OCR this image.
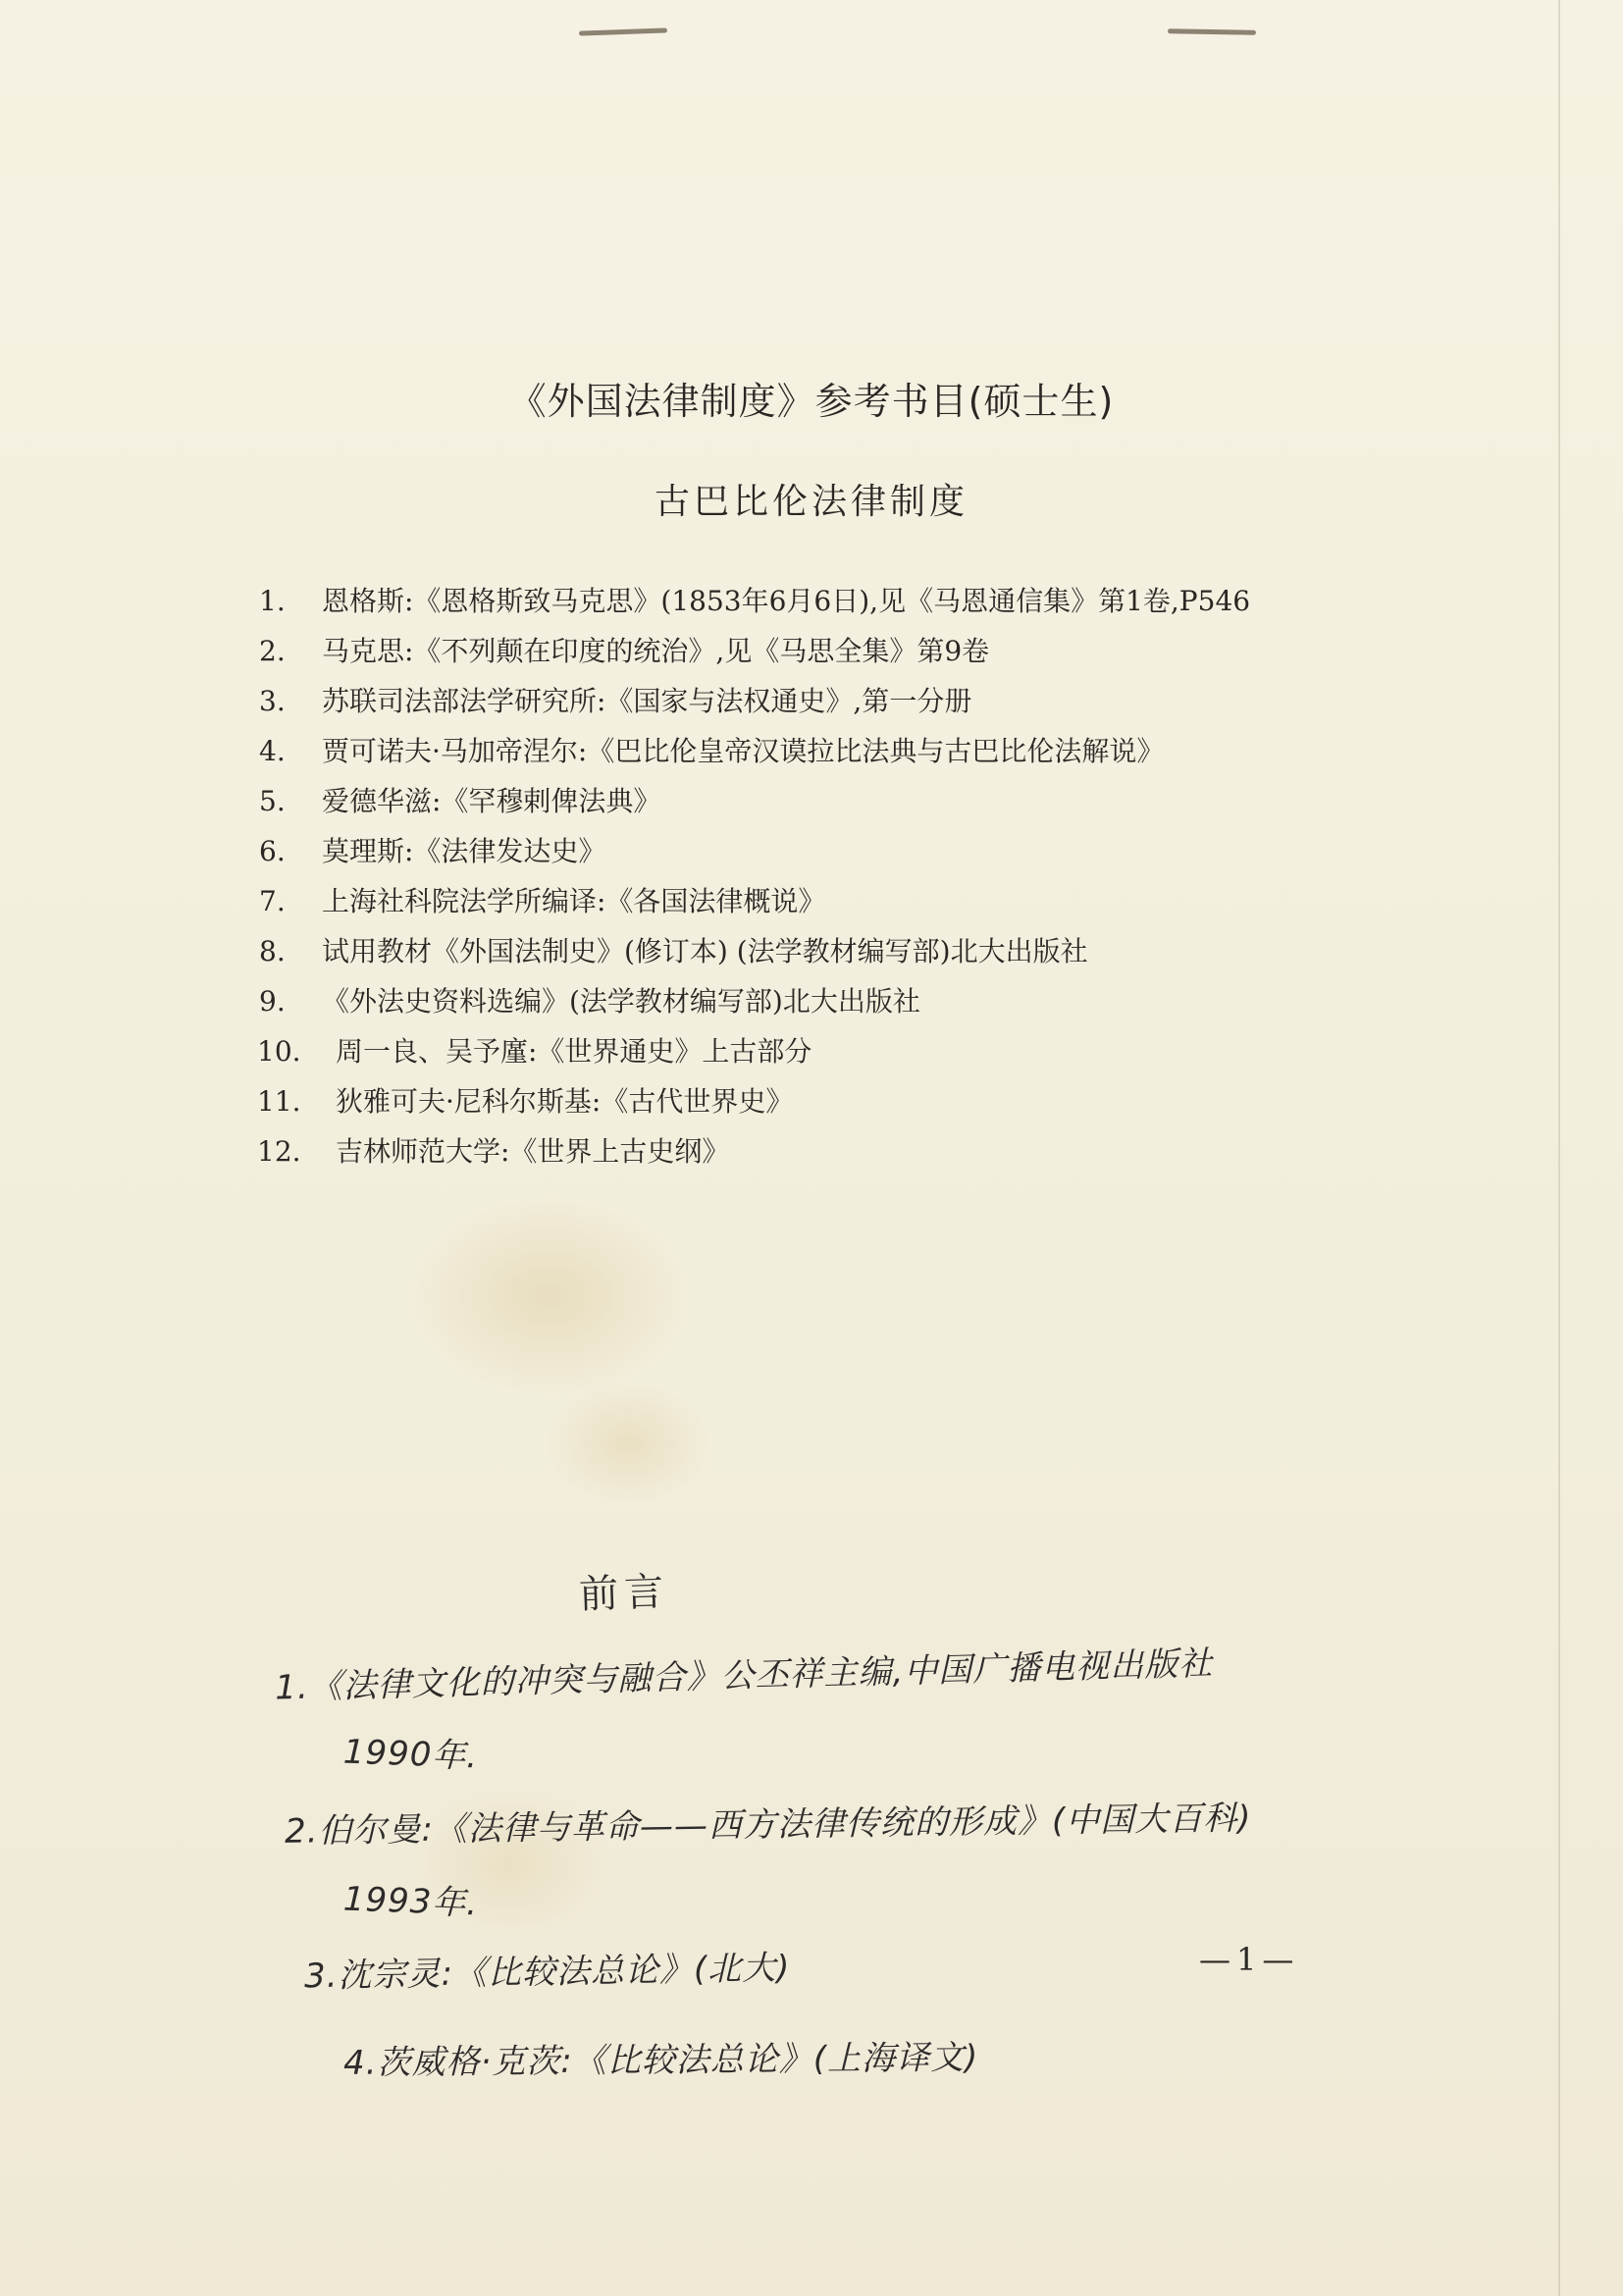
《外国法律制度》参考书目(硕士生)
古巴比伦法律制度
1. 恩格斯:《恩格斯致马克思》(1853年6月6日),见《马恩通信集》第1卷,P546
2. 马克思:《不列颠在印度的统治》,见《马思全集》第9卷
3. 苏联司法部法学研究所:《国家与法权通史》,第一分册
4. 贾可诺夫·马加帝涅尔:《巴比伦皇帝汉谟拉比法典与古巴比伦法解说》
5. 爱德华滋:《罕穆剌俾法典》
6. 莫理斯:《法律发达史》
7. 上海社科院法学所编译:《各国法律概说》
8. 试用教材《外国法制史》(修订本) (法学教材编写部)北大出版社
9. 《外法史资料选编》(法学教材编写部)北大出版社
10. 周一良、吴予廑:《世界通史》上古部分
11. 狄雅可夫·尼科尔斯基:《古代世界史》
12. 吉林师范大学:《世界上古史纲》
前言
1.《法律文化的冲突与融合》公丕祥主编,中国广播电视出版社
1990年.
2.伯尔曼:《法律与革命——西方法律传统的形成》(中国大百科)
1993年.
3.沈宗灵:《比较法总论》(北大)
4.茨威格·克茨:《比较法总论》(上海译文)
—1—
